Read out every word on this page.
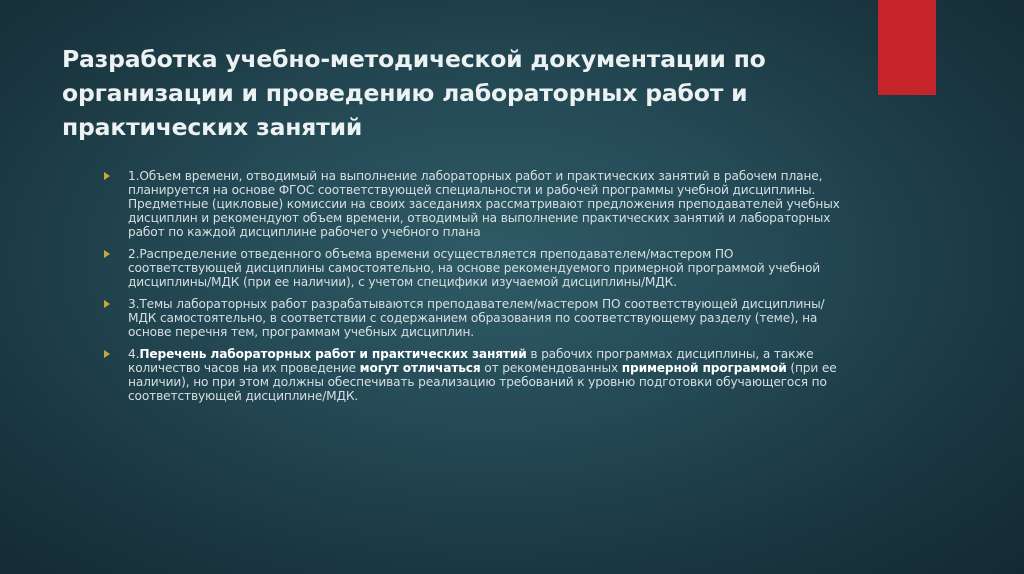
Разработка учебно-методической документации по организации и проведению лабораторных работ и практических занятий
1.Объем времени, отводимый на выполнение лабораторных работ и практических занятий в рабочем плане, планируется на основе ФГОС соответствующей специальности и рабочей программы учебной дисциплины. Предметные (цикловые) комиссии на своих заседаниях рассматривают предложения преподавателей учебных дисциплин и рекомендуют объем времени, отводимый на выполнение практических занятий и лабораторных работ по каждой дисциплине рабочего учебного плана
2.Распределение отведенного объема времени осуществляется преподавателем/мастером ПО соответствующей дисциплины самостоятельно, на основе рекомендуемого примерной программой учебной дисциплины/МДК (при ее наличии), с учетом специфики изучаемой дисциплины/МДК.
3.Темы лабораторных работ разрабатываются преподавателем/мастером ПО соответствующей дисциплины/МДК самостоятельно, в соответствии с содержанием образования по соответствующему разделу (теме), на основе перечня тем, программам учебных дисциплин.
4.Перечень лабораторных работ и практических занятий в рабочих программах дисциплины, а также количество часов на их проведение могут отличаться от рекомендованных примерной программой (при ее наличии), но при этом должны обеспечивать реализацию требований к уровню подготовки обучающегося по соответствующей дисциплине/МДК.
